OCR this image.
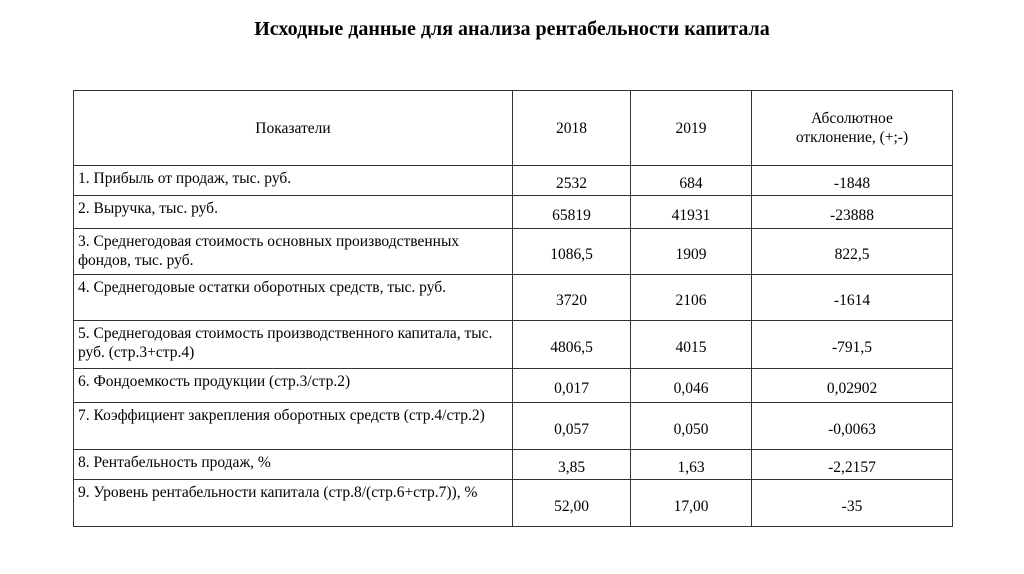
Исходные данные для анализа рентабельности капитала
Показатели	2018	2019	Абсолютное отклонение, (+;-)
1. Прибыль от продаж, тыс. руб.	2532	684	-1848
2. Выручка, тыс. руб.	65819	41931	-23888
3. Среднегодовая стоимость основных производственных фондов, тыс. руб.	1086,5	1909	822,5
4. Среднегодовые остатки оборотных средств, тыс. руб.	3720	2106	-1614
5. Среднегодовая стоимость производственного капитала, тыс. руб. (стр.3+стр.4)	4806,5	4015	-791,5
6. Фондоемкость продукции (стр.3/стр.2)	0,017	0,046	0,02902
7. Коэффициент закрепления оборотных средств (стр.4/стр.2)	0,057	0,050	-0,0063
8. Рентабельность продаж, %	3,85	1,63	-2,2157
9. Уровень рентабельности капитала (стр.8/(стр.6+стр.7)), %	52,00	17,00	-35
